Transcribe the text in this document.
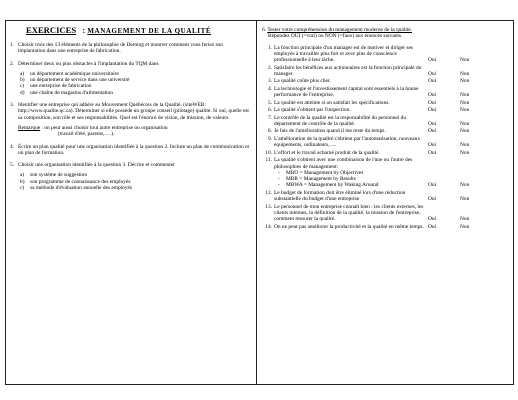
EXERCICES : MANAGEMENT DE LA QUALITÉ
1. Choisir trois des 13 éléments de la philosophie de Deming et montrer comment vous feriez son implantation dans une entreprise de fabrication.
2. Déterminer deux ou plus obstacles à l'implantation du TQM dans
a)	un département académique universitaire
b)	un département de service dans une université
c)	une entreprise de fabrication
d)	une chaîne de magasins d'alimentation
3. Identifier une entreprise qui adhère au Mouvement Québécois de la Qualité. (siteWEB: http://www.qualite.qc.ca). Déterminer si elle possède un groupe conseil (pilotage) qualité. Si oui, quelle est sa composition, son rôle et ses responsabilités. Quel est l'énoncé de vision, de mission, de valeurs.
Remarque : on peut aussi choisir tout autre entreprise ou organisation
(travail d'été, parents,….).
4. Écrire un plan qualité pour une organisation identifiée à la question 2. Inclure un plan de communication et un plan de formation.
5. Choisir une organisation identifiée à la question 3. Décrire et commenter
a)	son système de suggestion
b)	son programme de connaissance des employés
c)	sa méthode d'évaluation annuelle des employés
6. Tester votre compréhension du management moderne de la qualité.
Répondez OUI (=vrai) ou NON (=faux) aux énoncés suivants.
1. La fonction principale d'un manager est de motiver et diriger ses employés à travailler plus fort et avec plus de conscience professionnelle à leur tâche.	Oui	Non
2. Satisfaire les bénéfices aux actionnaires est la fonction principale du manager.	Oui	Non
3. La qualité coûte plus cher.	Oui	Non
4. La technologie et l'investissement capital sont essentiels à la bonne performance de l'entreprise.	Oui	Non
5. La qualité est atteinte si on satisfait les spécifications.	Oui	Non
6. La qualité s'obtient par l'inspection.	Oui	Non
7. Le contrôle de la qualité est la responsabilité du personnel du département de contrôle de la qualité.	Oui	Non
8. Je fais de l'amélioration quand il me reste du temps.	Oui	Non
9. L'amélioration de la qualité s'obtient par l'automatisation, nouveaux équipements, ordinateurs,….	Oui	Non
10. L'effort et le travail acharné produit de la qualité.	Oui	Non
11. La qualité s'obtient avec une combinaison de l'une ou l'autre des philosophies de management:
-	MBO = Management by Objectives
-	MBR = Management by Results
-	MBWA = Management by Waking Around	Oui	Non
12. Le budget de formation doit être éliminé lors d'une réduction substantielle du budget d'une entreprise	Oui	Non
13. Le personnel de mon entreprise connaît bien : les clients externes, les clients internes, la définition de la qualité, la mission de l'entreprise, comment mesurer la qualité.	Oui	Non
14. On ne peut pas améliorer la productivité et la qualité en même temps. Oui	Non
